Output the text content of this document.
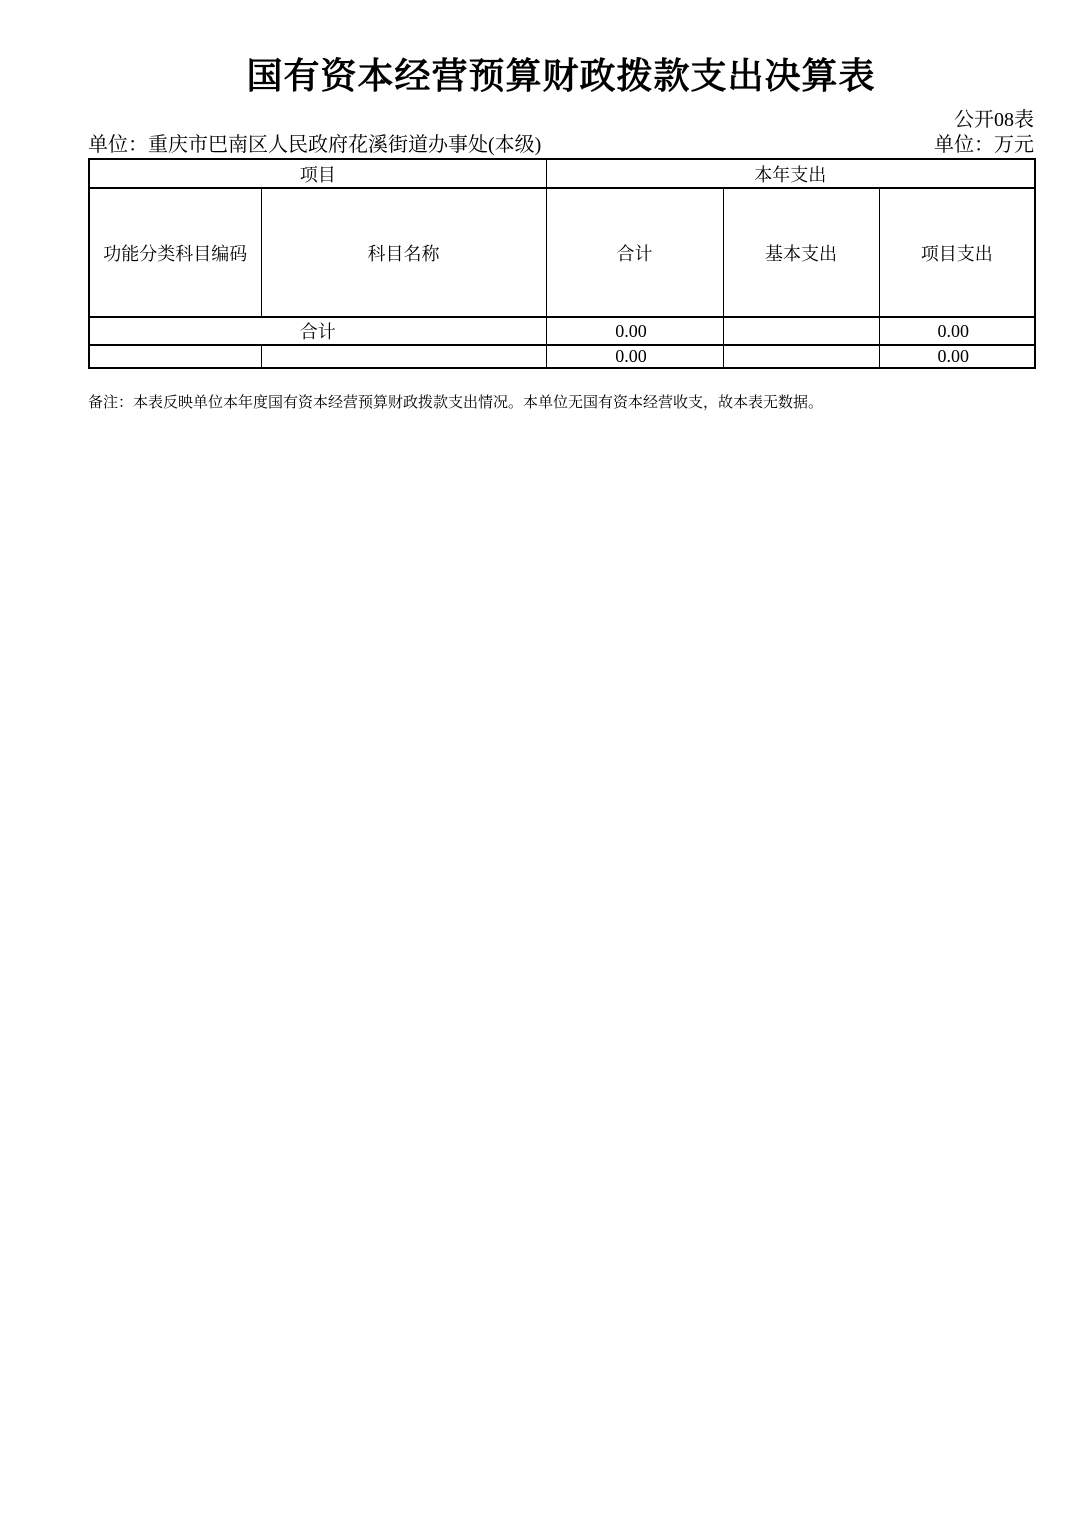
国有资本经营预算财政拨款支出决算表
公开08表
单位：重庆市巴南区人民政府花溪街道办事处(本级)	单位：万元
项目		本年支出		
功能分类科目编码	科目名称	合计	基本支出	项目支出
合计		0.00		0.00
		0.00		0.00
备注：本表反映单位本年度国有资本经营预算财政拨款支出情况。本单位无国有资本经营收支，故本表无数据。
